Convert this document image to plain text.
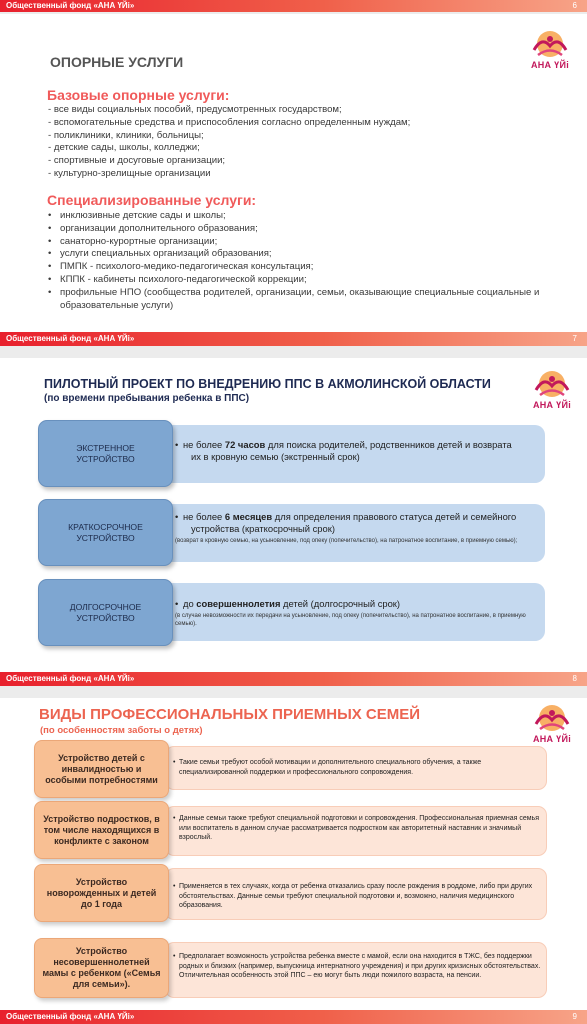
Общественный фонд «АНА ҮЙі»	6
АНА ҮЙі
ОПОРНЫЕ УСЛУГИ
Базовые опорные услуги:
- все виды социальных пособий, предусмотренных государством;
- вспомогательные средства и приспособления согласно определенным нуждам;
- поликлиники, клиники, больницы;
- детские сады, школы, колледжи;
- спортивные и досуговые организации;
- культурно-зрелищные организации
Специализированные услуги:
• инклюзивные детские сады и школы;
• организации дополнительного образования;
• санаторно-курортные организации;
• услуги специальных организаций образования;
• ПМПК - психолого-медико-педагогическая консультация;
• КППК - кабинеты психолого-педагогической коррекции;
• профильные НПО (сообщества родителей, организации, семьи, оказывающие специальные социальные и образовательные услуги)
Общественный фонд «АНА ҮЙі»	7
АНА ҮЙі
ПИЛОТНЫЙ ПРОЕКТ ПО ВНЕДРЕНИЮ ППС В АКМОЛИНСКОЙ ОБЛАСТИ
(по времени пребывания ребенка в ППС)
ЭКСТРЕННОЕ УСТРОЙСТВО
• не более 72 часов для поиска родителей, родственников детей и возврата
их в кровную семью (экстренный срок)
КРАТКОСРОЧНОЕ УСТРОЙСТВО
• не более 6 месяцев для определения правового статуса детей и семейного
устройства (краткосрочный срок)
(возврат в кровную семью, на усыновление, под опеку (попечительство), на патронатное воспитание, в приемную семью);
ДОЛГОСРОЧНОЕ УСТРОЙСТВО
• до совершеннолетия детей (долгосрочный срок)
(в случае невозможности их передачи на усыновление, под опеку (попечительство), на патронатное воспитание, в приемную семью).
Общественный фонд «АНА ҮЙі»	8
АНА ҮЙі
ВИДЫ ПРОФЕССИОНАЛЬНЫХ ПРИЕМНЫХ СЕМЕЙ
(по особенностям заботы о детях)
Устройство детей с инвалидностью и особыми потребностями
• Такие семьи требуют особой мотивации и дополнительного специального обучения, а также специализированной поддержки и профессионального сопровождения.
Устройство подростков, в том числе находящихся в конфликте с законом
• Данные семьи также требуют специальной подготовки и сопровождения. Профессиональная приемная семья или воспитатель в данном случае рассматривается подростком как авторитетный наставник и значимый взрослый.
Устройство новорожденных и детей до 1 года
• Применяется в тех случаях, когда от ребенка отказались сразу после рождения в роддоме, либо при других обстоятельствах. Данные семьи требуют специальной подготовки и, возможно, наличия медицинского образования.
Устройство несовершеннолетней мамы с ребенком («Семья для семьи»).
• Предполагает возможность устройства ребенка вместе с мамой, если она находится в ТЖС, без поддержки родных и близких (например, выпускница интернатного учреждения) и при других кризисных обстоятельствах. Отличительная особенность этой ППС – ею могут быть люди пожилого возраста, на пенсии.
Общественный фонд «АНА ҮЙі»	9
